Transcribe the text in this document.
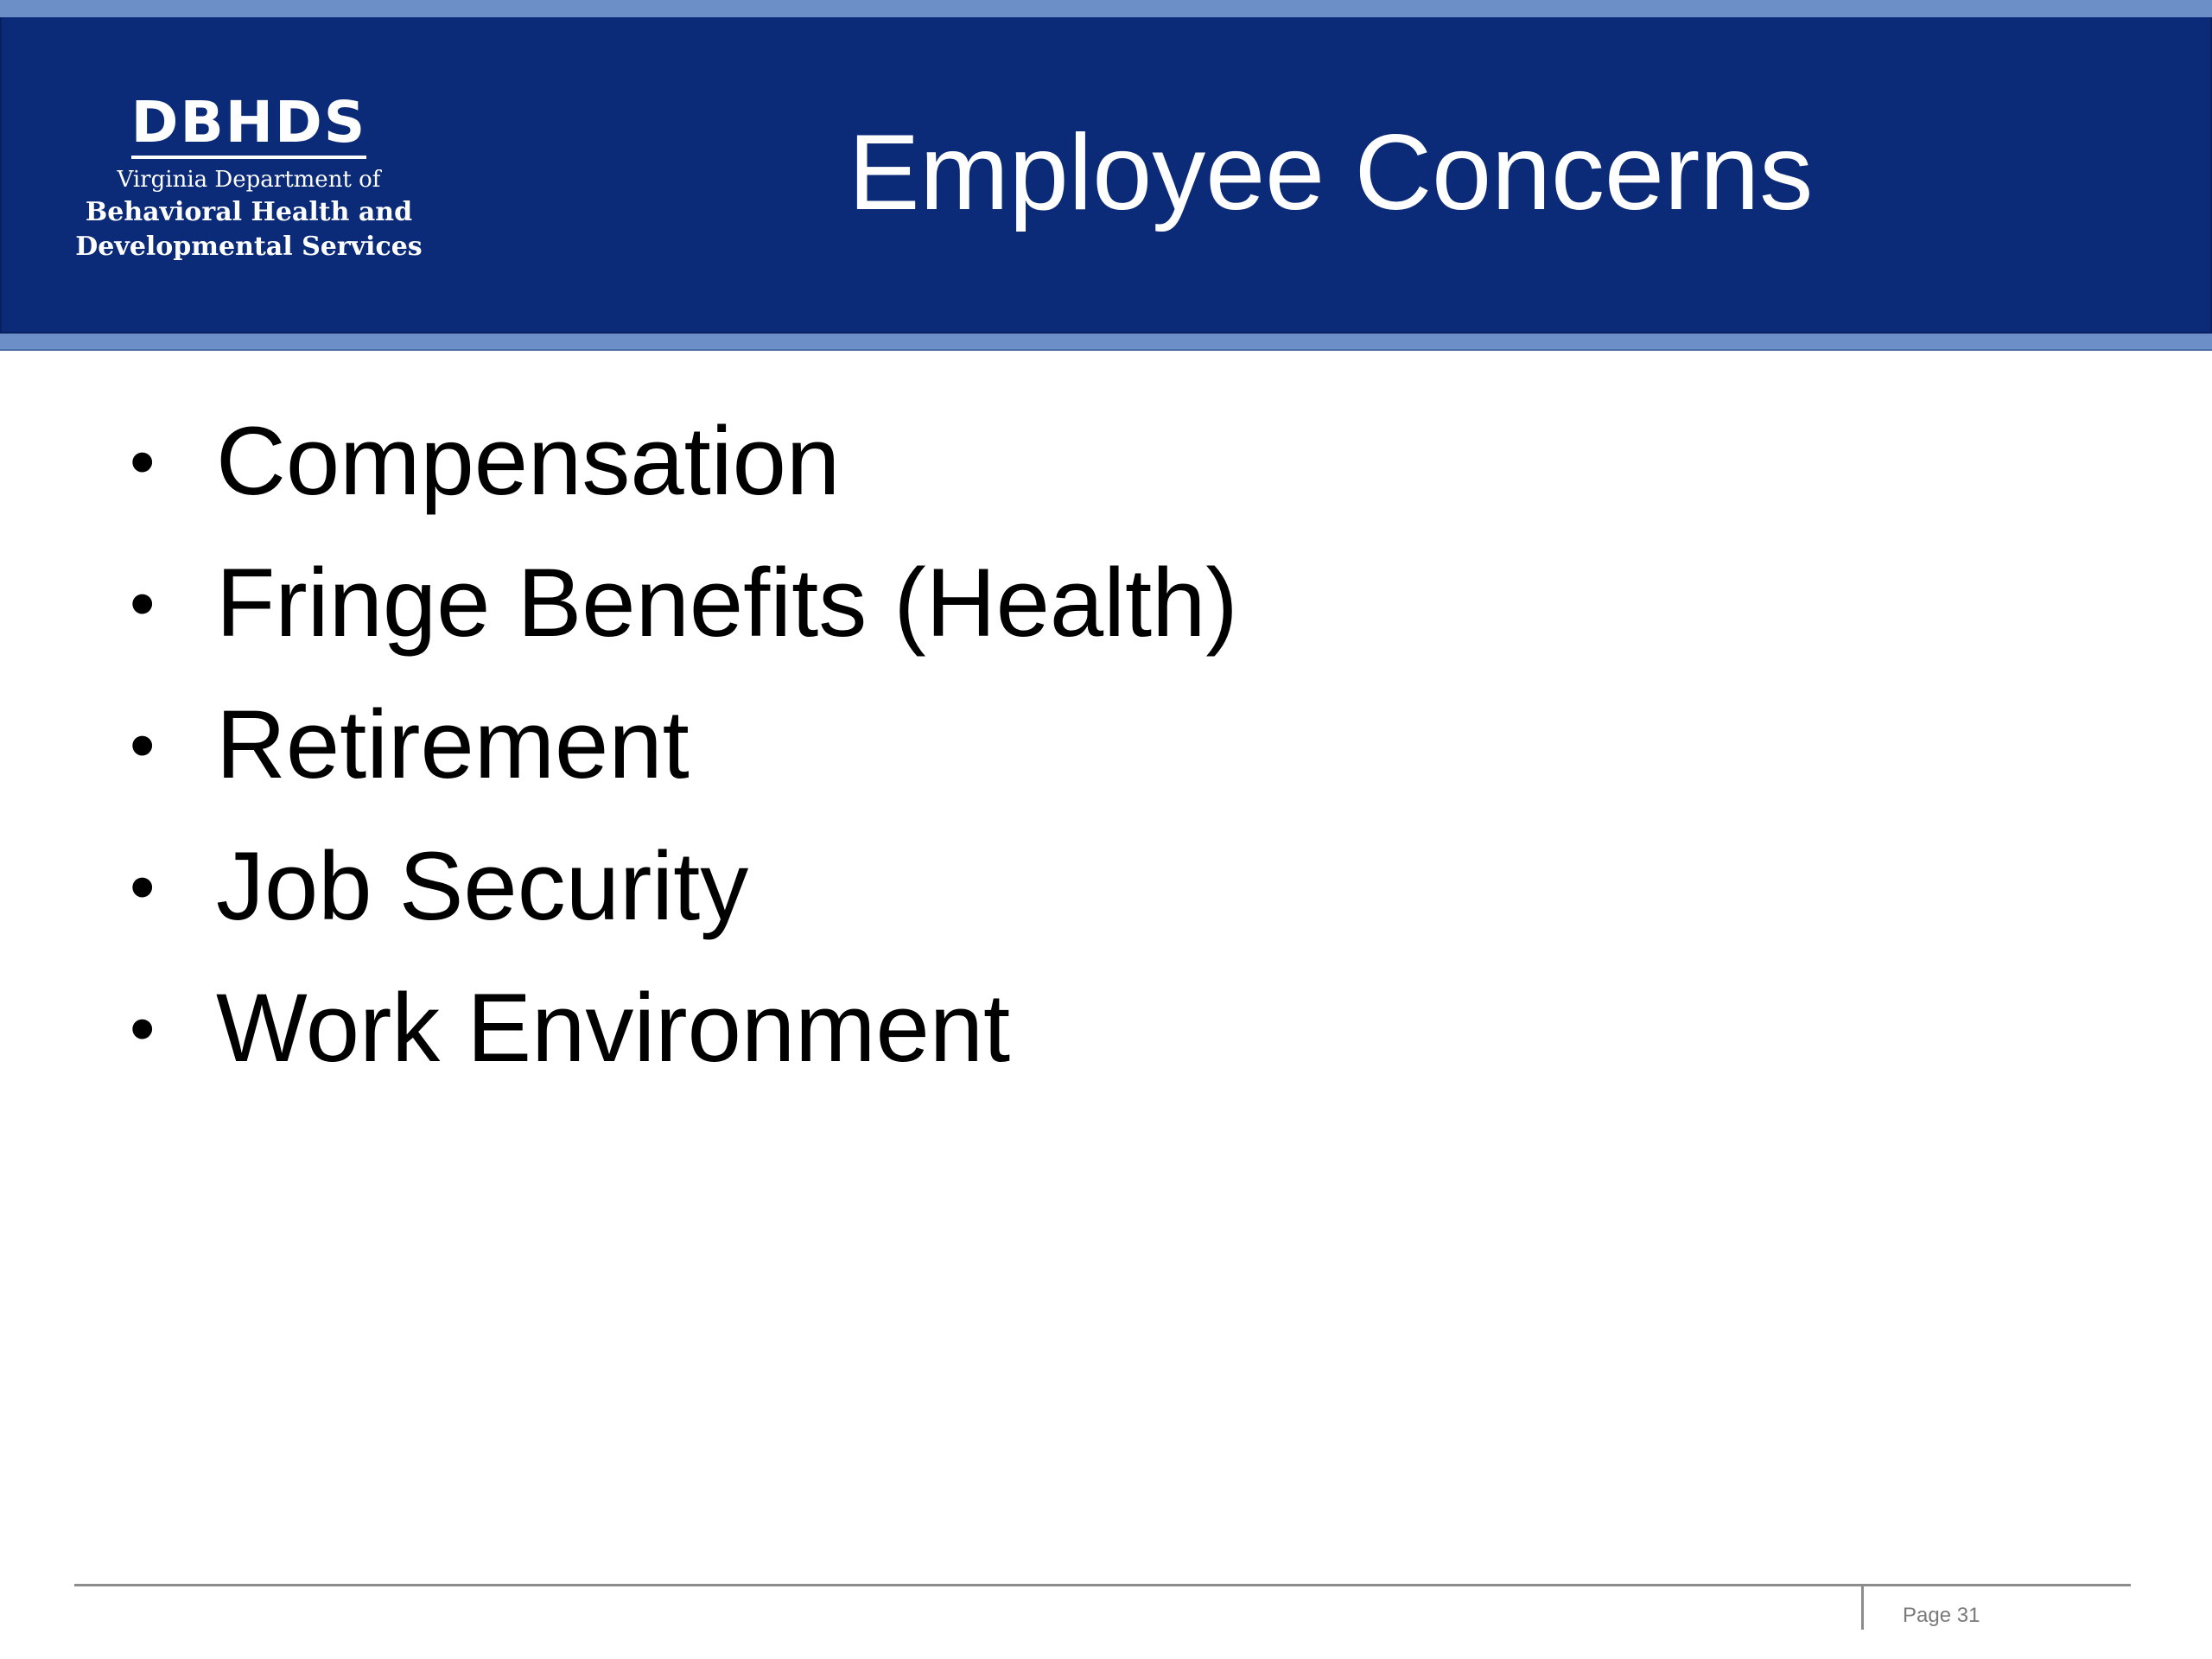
DBHDS
Virginia Department of
Behavioral Health and
Developmental Services
Employee Concerns
• Compensation
• Fringe Benefits (Health)
• Retirement
• Job Security
• Work Environment
Page 31
